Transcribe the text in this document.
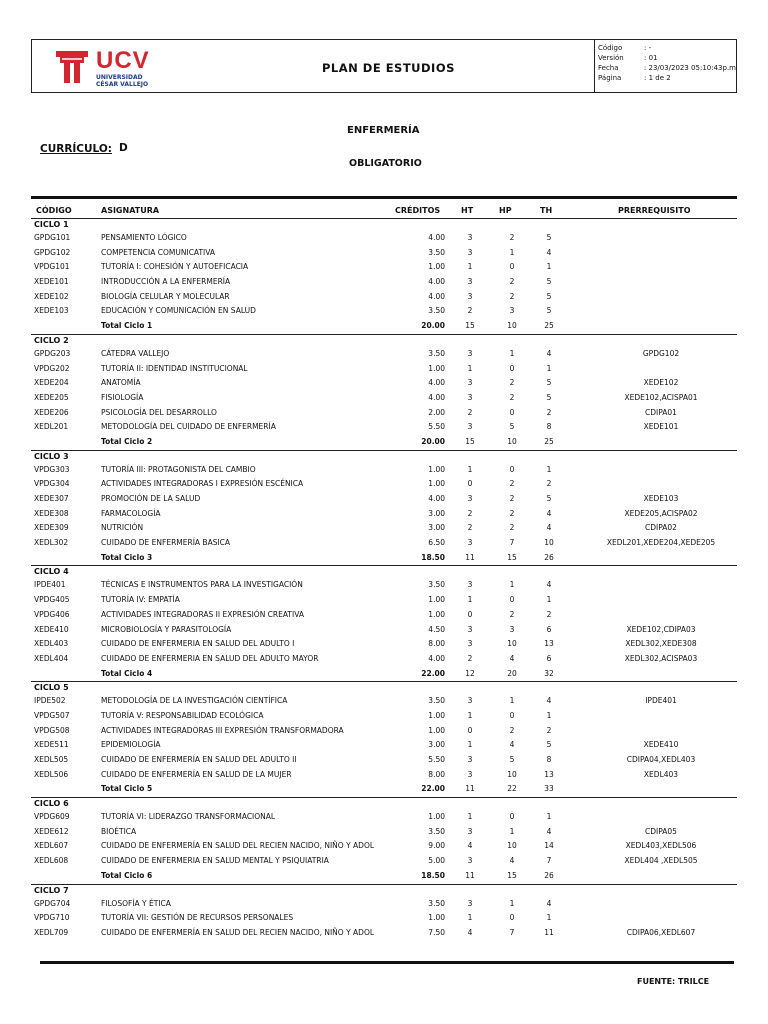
UCV
UNIVERSIDAD
CÉSAR VALLEJO
PLAN DE ESTUDIOS
Código	: -
Versión	: 01
Fecha	: 23/03/2023 05:10:43p.m
Página	: 1 de 2
ENFERMERÍA
CURRÍCULO: D
OBLIGATORIO
CÓDIGO	ASIGNATURA	CRÉDITOS	HT	HP	TH	PRERREQUISITO
CICLO 1
GPDG101	PENSAMIENTO LÓGICO	4.00	3	2	5
GPDG102	COMPETENCIA COMUNICATIVA	3.50	3	1	4
VPDG101	TUTORÍA I: COHESIÓN Y AUTOEFICACIA	1.00	1	0	1
XEDE101	INTRODUCCIÓN A LA ENFERMERÍA	4.00	3	2	5
XEDE102	BIOLOGÍA CELULAR Y MOLECULAR	4.00	3	2	5
XEDE103	EDUCACIÓN Y COMUNICACIÓN EN SALUD	3.50	2	3	5
Total Ciclo 1	20.00	15	10	25
CICLO 2
GPDG203	CÁTEDRA VALLEJO	3.50	3	1	4	GPDG102
VPDG202	TUTORÍA II: IDENTIDAD INSTITUCIONAL	1.00	1	0	1
XEDE204	ANATOMÍA	4.00	3	2	5	XEDE102
XEDE205	FISIOLOGÍA	4.00	3	2	5	XEDE102,ACISPA01
XEDE206	PSICOLOGÍA DEL DESARROLLO	2.00	2	0	2	CDIPA01
XEDL201	METODOLOGÍA DEL CUIDADO DE ENFERMERÍA	5.50	3	5	8	XEDE101
Total Ciclo 2	20.00	15	10	25
CICLO 3
VPDG303	TUTORÍA III: PROTAGONISTA DEL CAMBIO	1.00	1	0	1
VPDG304	ACTIVIDADES INTEGRADORAS I EXPRESIÓN ESCÉNICA	1.00	0	2	2
XEDE307	PROMOCIÓN DE LA SALUD	4.00	3	2	5	XEDE103
XEDE308	FARMACOLOGÍA	3.00	2	2	4	XEDE205,ACISPA02
XEDE309	NUTRICIÓN	3.00	2	2	4	CDIPA02
XEDL302	CUIDADO DE ENFERMERÍA BASICA	6.50	3	7	10	XEDL201,XEDE204,XEDE205
Total Ciclo 3	18.50	11	15	26
CICLO 4
IPDE401	TÉCNICAS E INSTRUMENTOS PARA LA INVESTIGACIÓN	3.50	3	1	4
VPDG405	TUTORÍA IV: EMPATÍA	1.00	1	0	1
VPDG406	ACTIVIDADES INTEGRADORAS II EXPRESIÓN CREATIVA	1.00	0	2	2
XEDE410	MICROBIOLOGÍA Y PARASITOLOGÍA	4.50	3	3	6	XEDE102,CDIPA03
XEDL403	CUIDADO DE ENFERMERIA EN SALUD DEL ADULTO I	8.00	3	10	13	XEDL302,XEDE308
XEDL404	CUIDADO DE ENFERMERIA EN SALUD DEL ADULTO MAYOR	4.00	2	4	6	XEDL302,ACISPA03
Total Ciclo 4	22.00	12	20	32
CICLO 5
IPDE502	METODOLOGÍA DE LA INVESTIGACIÓN CIENTÍFICA	3.50	3	1	4	IPDE401
VPDG507	TUTORÍA V: RESPONSABILIDAD ECOLÓGICA	1.00	1	0	1
VPDG508	ACTIVIDADES INTEGRADORAS III EXPRESIÓN TRANSFORMADORA	1.00	0	2	2
XEDE511	EPIDEMIOLOGÍA	3.00	1	4	5	XEDE410
XEDL505	CUIDADO DE ENFERMERÍA EN SALUD DEL ADULTO II	5.50	3	5	8	CDIPA04,XEDL403
XEDL506	CUIDADO DE ENFERMERÍA EN SALUD DE LA MUJER	8.00	3	10	13	XEDL403
Total Ciclo 5	22.00	11	22	33
CICLO 6
VPDG609	TUTORÍA VI: LIDERAZGO TRANSFORMACIONAL	1.00	1	0	1
XEDE612	BIOÉTICA	3.50	3	1	4	CDIPA05
XEDL607	CUIDADO DE ENFERMERÍA EN SALUD DEL RECIEN NACIDO, NIÑO Y ADOL	9.00	4	10	14	XEDL403,XEDL506
XEDL608	CUIDADO DE ENFERMERIA EN SALUD MENTAL Y PSIQUIATRIA	5.00	3	4	7	XEDL404 ,XEDL505
Total Ciclo 6	18.50	11	15	26
CICLO 7
GPDG704	FILOSOFÍA Y ÉTICA	3.50	3	1	4
VPDG710	TUTORÍA VII: GESTIÓN DE RECURSOS PERSONALES	1.00	1	0	1
XEDL709	CUIDADO DE ENFERMERÍA EN SALUD DEL RECIEN NACIDO, NIÑO Y ADOL	7.50	4	7	11	CDIPA06,XEDL607
FUENTE: TRILCE
